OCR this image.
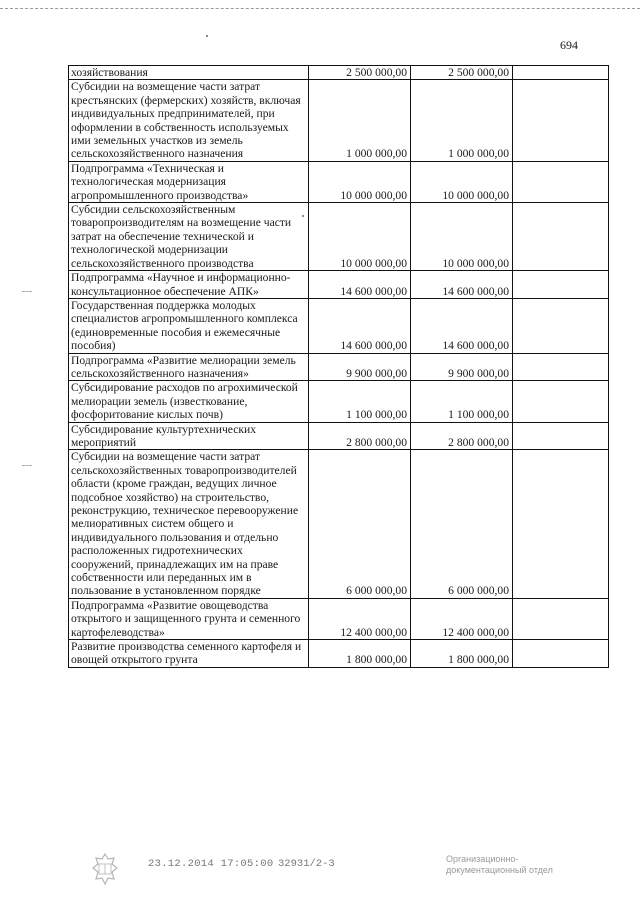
694
хозяйствования	2 500 000,00	2 500 000,00	
Субсидии на возмещение части затрат крестьянских (фермерских) хозяйств, включая индивидуальных предпринимателей, при оформлении в собственность используемых ими земельных участков из земель сельскохозяйственного назначения	1 000 000,00	1 000 000,00	
Подпрограмма «Техническая и технологическая модернизация агропромышленного производства»	10 000 000,00	10 000 000,00	
Субсидии сельскохозяйственным товаропроизводителям на возмещение части затрат на обеспечение технической и технологической модернизации сельскохозяйственного производства	10 000 000,00	10 000 000,00	
Подпрограмма «Научное и информационно-консультационное обеспечение АПК»	14 600 000,00	14 600 000,00	
Государственная поддержка молодых специалистов агропромышленного комплекса (единовременные пособия и ежемесячные пособия)	14 600 000,00	14 600 000,00	
Подпрограмма «Развитие мелиорации земель сельскохозяйственного назначения»	9 900 000,00	9 900 000,00	
Субсидирование расходов по агрохимической мелиорации земель (известкование, фосфоритование кислых почв)	1 100 000,00	1 100 000,00	
Субсидирование культуртехнических мероприятий	2 800 000,00	2 800 000,00	
Субсидии на возмещение части затрат сельскохозяйственных товаропроизводителей области (кроме граждан, ведущих личное подсобное хозяйство) на строительство, реконструкцию, техническое перевооружение мелиоративных систем общего и индивидуального пользования и отдельно расположенных гидротехнических сооружений, принадлежащих им на праве собственности или переданных им в пользование в установленном порядке	6 000 000,00	6 000 000,00	
Подпрограмма «Развитие овощеводства открытого и защищенного грунта и семенного картофелеводства»	12 400 000,00	12 400 000,00	
Развитие производства семенного картофеля и овощей открытого грунта	1 800 000,00	1 800 000,00	
23.12.2014 17:05:00 32931/2-3	Организационно-
документационный отдел
